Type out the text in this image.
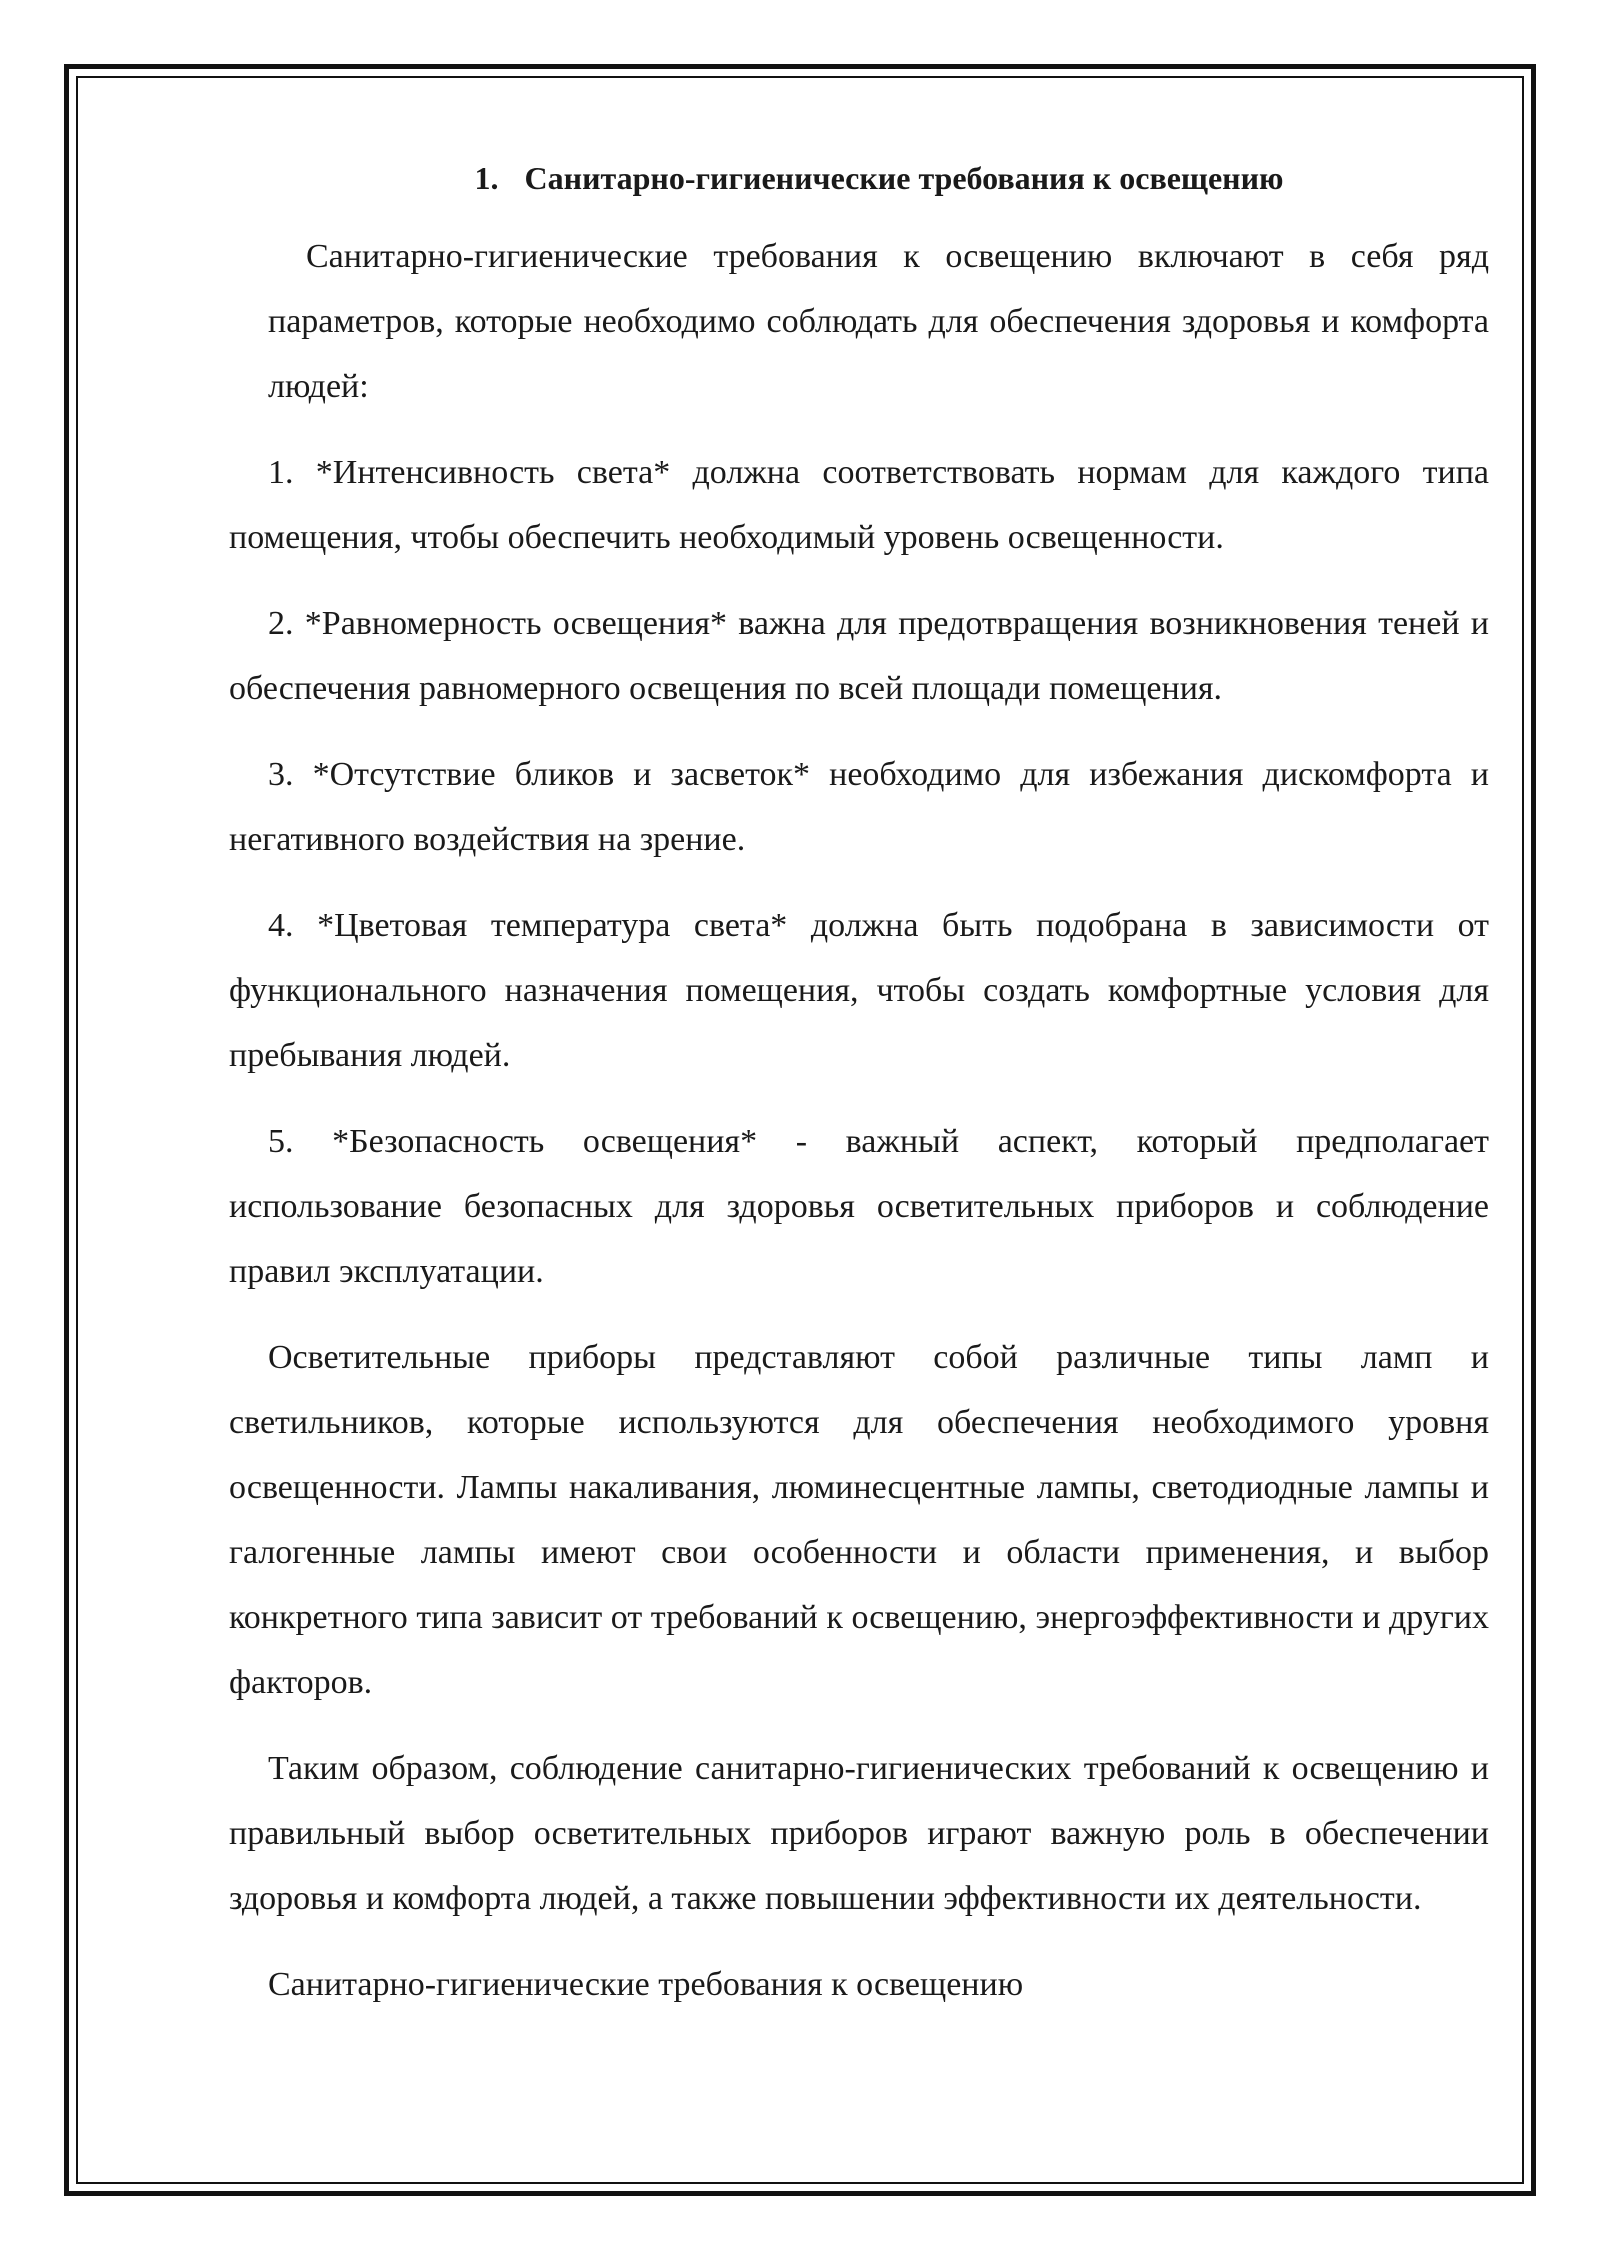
1. Санитарно-гигиенические требования к освещению

Санитарно-гигиенические требования к освещению включают в себя ряд параметров, которые необходимо соблюдать для обеспечения здоровья и комфорта людей:

1. *Интенсивность света* должна соответствовать нормам для каждого типа помещения, чтобы обеспечить необходимый уровень освещенности.

2. *Равномерность освещения* важна для предотвращения возникновения теней и обеспечения равномерного освещения по всей площади помещения.

3. *Отсутствие бликов и засветок* необходимо для избежания дискомфорта и негативного воздействия на зрение.

4. *Цветовая температура света* должна быть подобрана в зависимости от функционального назначения помещения, чтобы создать комфортные условия для пребывания людей.

5. *Безопасность освещения* - важный аспект, который предполагает использование безопасных для здоровья осветительных приборов и соблюдение правил эксплуатации.

Осветительные приборы представляют собой различные типы ламп и светильников, которые используются для обеспечения необходимого уровня освещенности. Лампы накаливания, люминесцентные лампы, светодиодные лампы и галогенные лампы имеют свои особенности и области применения, и выбор конкретного типа зависит от требований к освещению, энергоэффективности и других факторов.

Таким образом, соблюдение санитарно-гигиенических требований к освещению и правильный выбор осветительных приборов играют важную роль в обеспечении здоровья и комфорта людей, а также повышении эффективности их деятельности.

Санитарно-гигиенические требования к освещению
